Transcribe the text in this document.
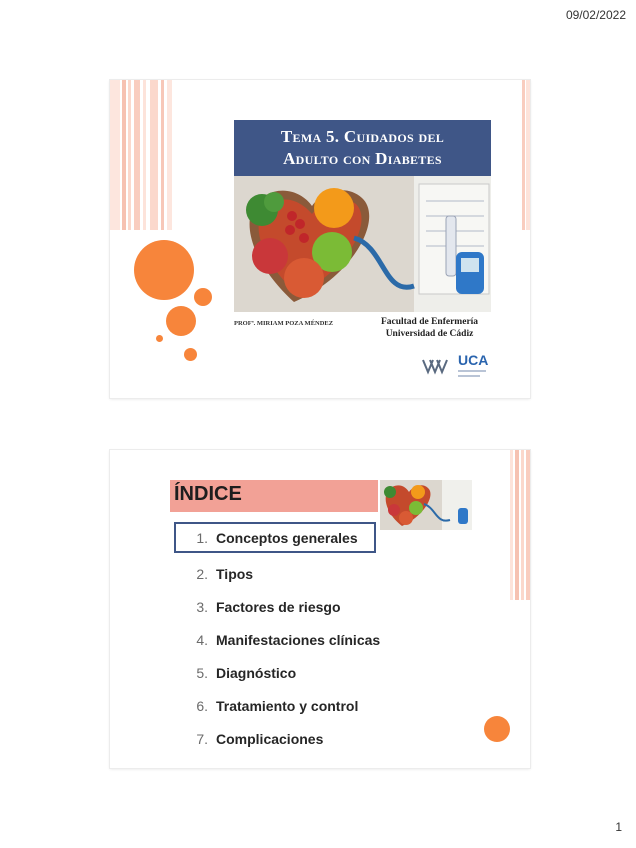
09/02/2022
Tema 5. Cuidados del
Adulto con Diabetes
PROFª. MIRIAM POZA MÉNDEZ	Facultad de Enfermería
Universidad de Cádiz
UCA
ÍNDICE
1. Conceptos generales
2. Tipos
3. Factores de riesgo
4. Manifestaciones clínicas
5. Diagnóstico
6. Tratamiento y control
7. Complicaciones
1
